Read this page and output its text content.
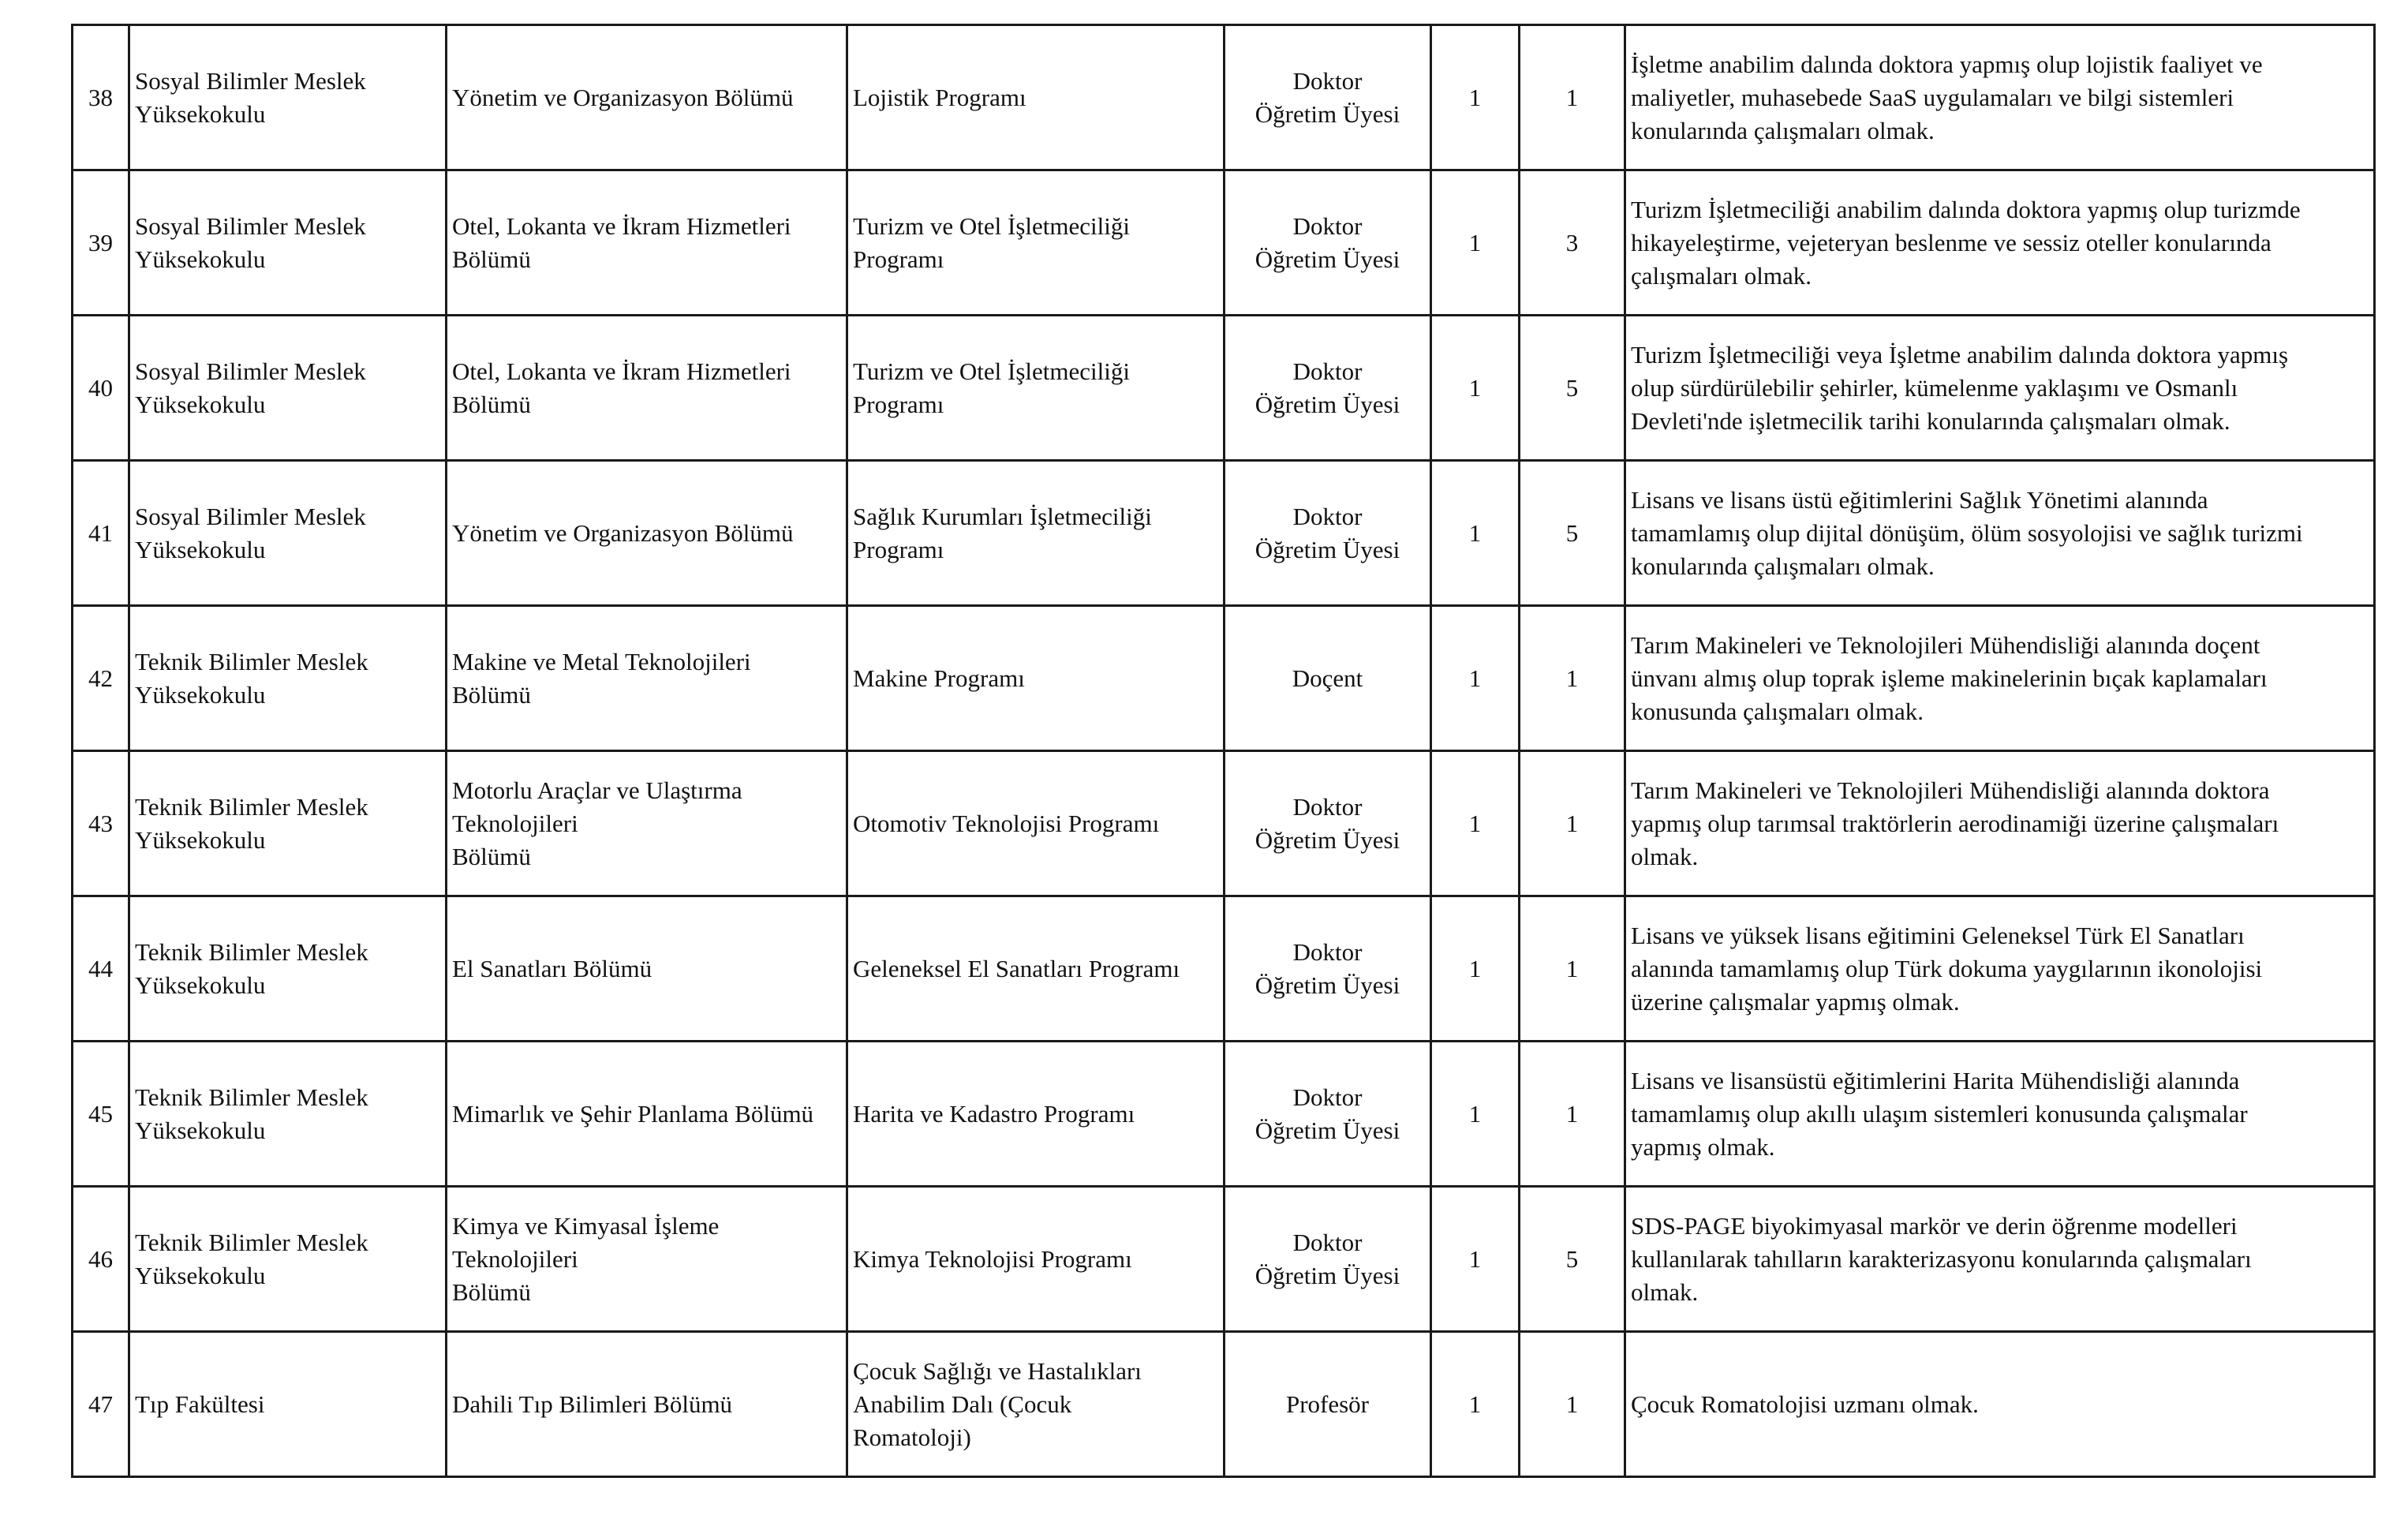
38	Sosyal Bilimler Meslek
Yüksekokulu	Yönetim ve Organizasyon Bölümü	Lojistik Programı	Doktor
Öğretim Üyesi	1	1	İşletme anabilim dalında doktora yapmış olup lojistik faaliyet ve
maliyetler, muhasebede SaaS uygulamaları ve bilgi sistemleri
konularında çalışmaları olmak.
39	Sosyal Bilimler Meslek
Yüksekokulu	Otel, Lokanta ve İkram Hizmetleri
Bölümü	Turizm ve Otel İşletmeciliği
Programı	Doktor
Öğretim Üyesi	1	3	Turizm İşletmeciliği anabilim dalında doktora yapmış olup turizmde
hikayeleştirme, vejeteryan beslenme ve sessiz oteller konularında
çalışmaları olmak.
40	Sosyal Bilimler Meslek
Yüksekokulu	Otel, Lokanta ve İkram Hizmetleri
Bölümü	Turizm ve Otel İşletmeciliği
Programı	Doktor
Öğretim Üyesi	1	5	Turizm İşletmeciliği veya İşletme anabilim dalında doktora yapmış
olup sürdürülebilir şehirler, kümelenme yaklaşımı ve Osmanlı
Devleti'nde işletmecilik tarihi konularında çalışmaları olmak.
41	Sosyal Bilimler Meslek
Yüksekokulu	Yönetim ve Organizasyon Bölümü	Sağlık Kurumları İşletmeciliği
Programı	Doktor
Öğretim Üyesi	1	5	Lisans ve lisans üstü eğitimlerini Sağlık Yönetimi alanında
tamamlamış olup dijital dönüşüm, ölüm sosyolojisi ve sağlık turizmi
konularında çalışmaları olmak.
42	Teknik Bilimler Meslek
Yüksekokulu	Makine ve Metal Teknolojileri
Bölümü	Makine Programı	Doçent	1	1	Tarım Makineleri ve Teknolojileri Mühendisliği alanında doçent
ünvanı almış olup toprak işleme makinelerinin bıçak kaplamaları
konusunda çalışmaları olmak.
43	Teknik Bilimler Meslek
Yüksekokulu	Motorlu Araçlar ve Ulaştırma
Teknolojileri
Bölümü	Otomotiv Teknolojisi Programı	Doktor
Öğretim Üyesi	1	1	Tarım Makineleri ve Teknolojileri Mühendisliği alanında doktora
yapmış olup tarımsal traktörlerin aerodinamiği üzerine çalışmaları
olmak.
44	Teknik Bilimler Meslek
Yüksekokulu	El Sanatları Bölümü	Geleneksel El Sanatları Programı	Doktor
Öğretim Üyesi	1	1	Lisans ve yüksek lisans eğitimini Geleneksel Türk El Sanatları
alanında tamamlamış olup Türk dokuma yaygılarının ikonolojisi
üzerine çalışmalar yapmış olmak.
45	Teknik Bilimler Meslek
Yüksekokulu	Mimarlık ve Şehir Planlama Bölümü	Harita ve Kadastro Programı	Doktor
Öğretim Üyesi	1	1	Lisans ve lisansüstü eğitimlerini Harita Mühendisliği alanında
tamamlamış olup akıllı ulaşım sistemleri konusunda çalışmalar
yapmış olmak.
46	Teknik Bilimler Meslek
Yüksekokulu	Kimya ve Kimyasal İşleme
Teknolojileri
Bölümü	Kimya Teknolojisi Programı	Doktor
Öğretim Üyesi	1	5	SDS-PAGE biyokimyasal markör ve derin öğrenme modelleri
kullanılarak tahılların karakterizasyonu konularında çalışmaları
olmak.
47	Tıp Fakültesi	Dahili Tıp Bilimleri Bölümü	Çocuk Sağlığı ve Hastalıkları
Anabilim Dalı (Çocuk
Romatoloji)	Profesör	1	1	Çocuk Romatolojisi uzmanı olmak.
